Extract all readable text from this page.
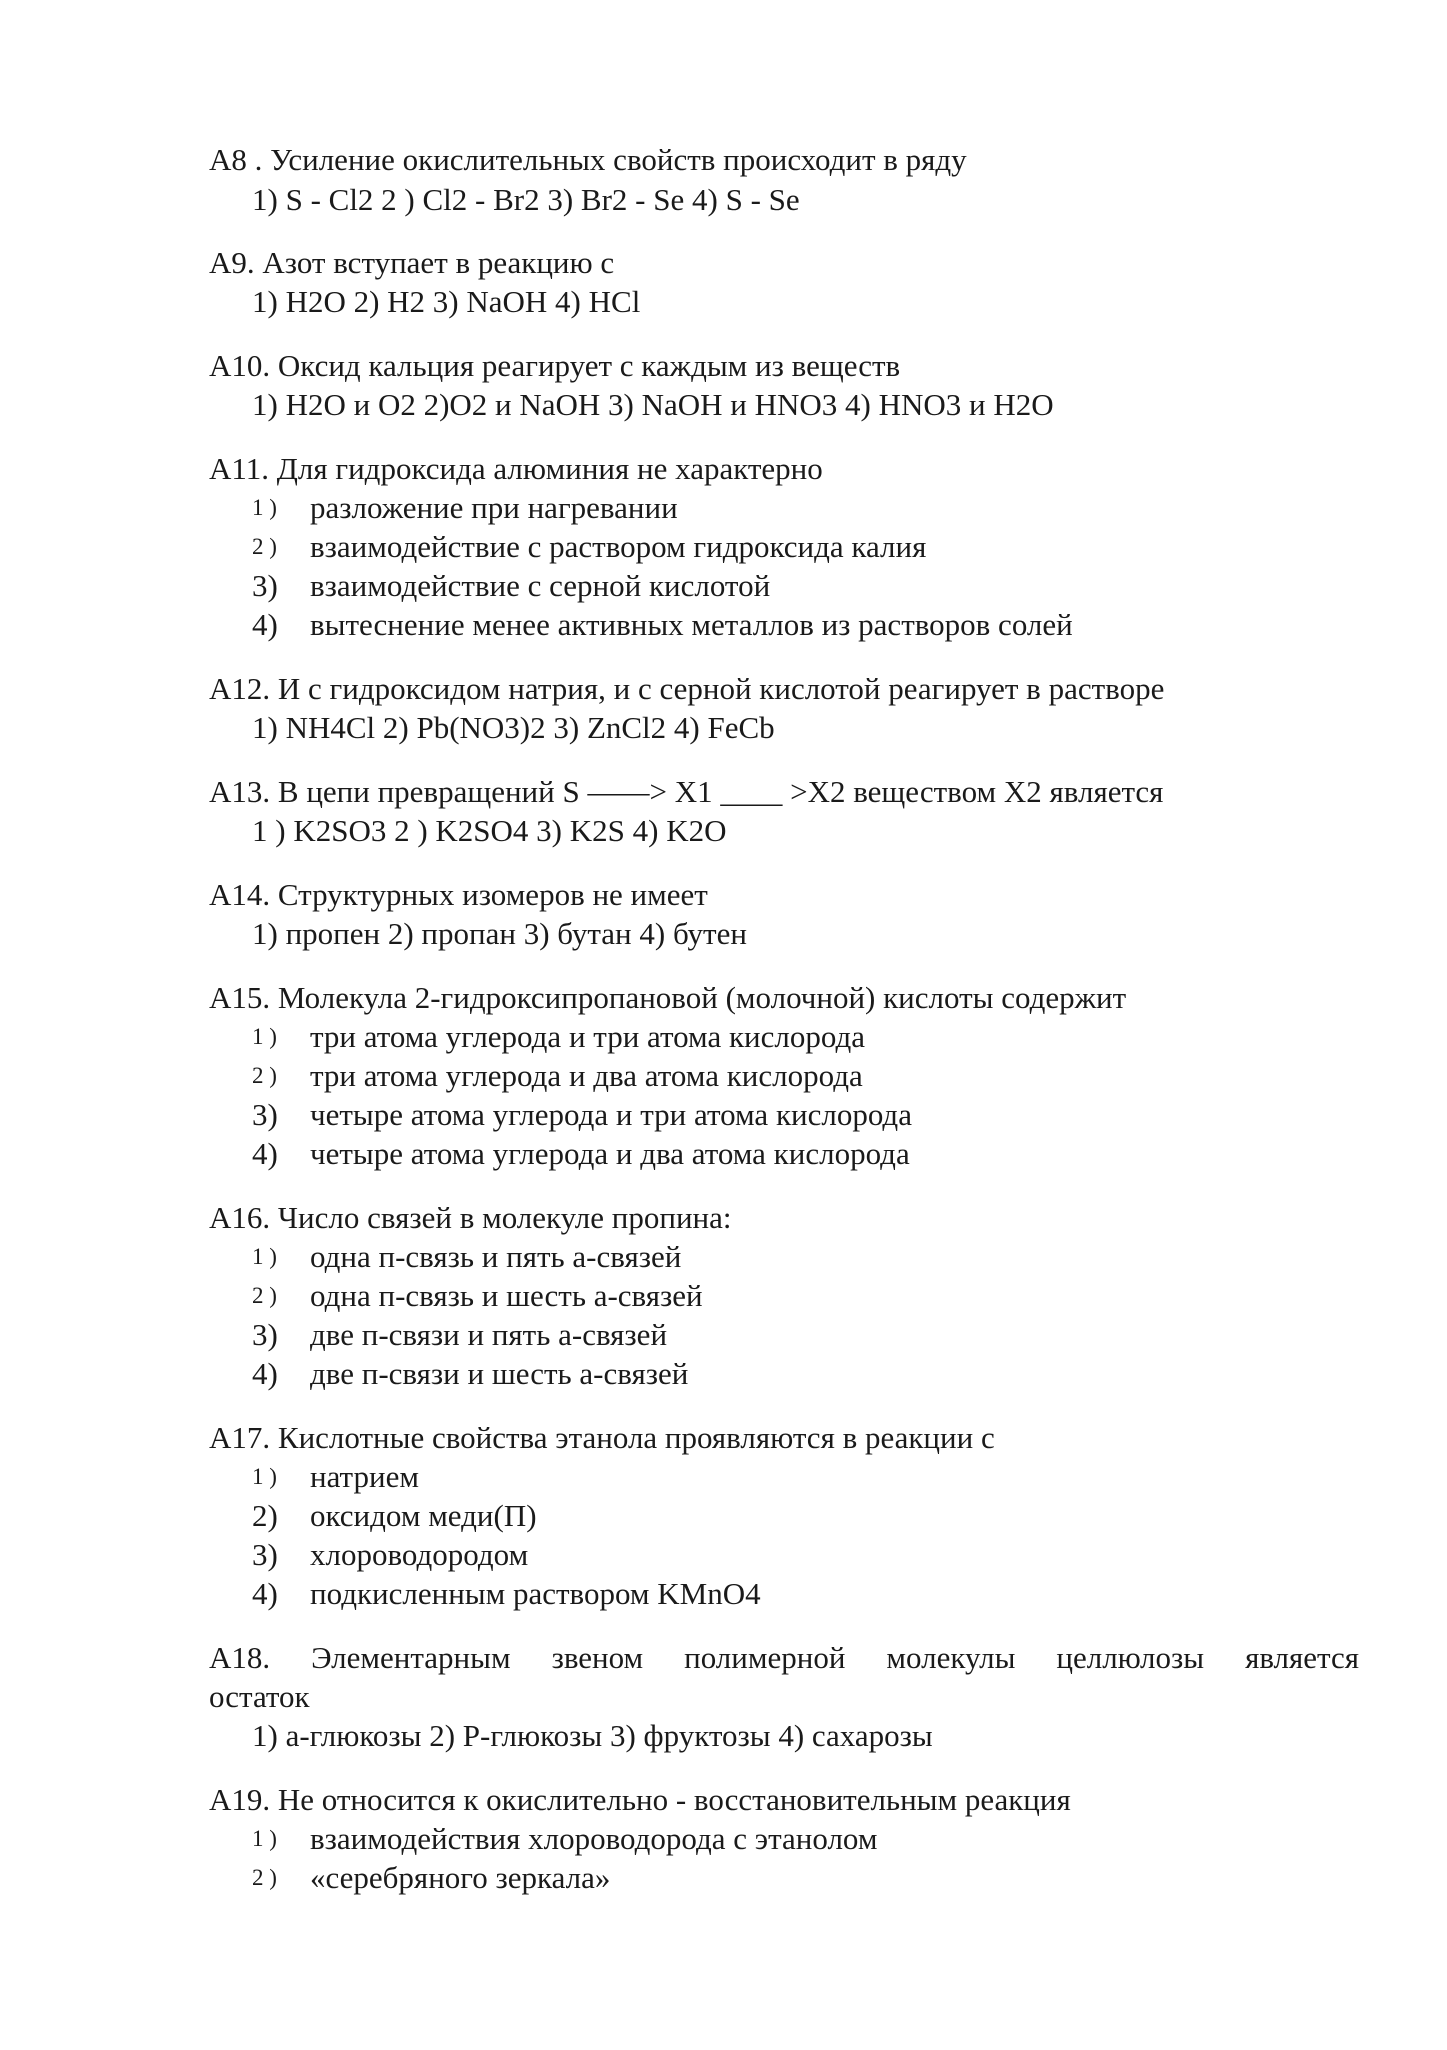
А8 . Усиление окислительных свойств происходит в ряду
1) S - Cl2 2 ) Cl2 - Br2 3) Br2 - Se 4) S - Se
А9. Азот вступает в реакцию с
1) H2O 2) H2 3) NaOH 4) HCl
А10. Оксид кальция реагирует с каждым из веществ
1) H2O и O2 2)O2 и NaOH 3) NaOH и HNO3 4) HNO3 и H2O
А11. Для гидроксида алюминия не характерно
1 )	разложение при нагревании
2 )	взаимодействие с раствором гидроксида калия
3)	взаимодействие с серной кислотой
4)	вытеснение менее активных металлов из растворов солей
А12. И с гидроксидом натрия, и с серной кислотой реагирует в растворе
1) NH4Cl 2) Pb(NO3)2 3) ZnCl2 4) FeCb
А13. В цепи превращений S ——> X1 ____ >X2 веществом X2 является
1 ) K2SO3 2 ) K2SO4 3) K2S 4) K2O
А14. Структурных изомеров не имеет
1) пропен 2) пропан 3) бутан 4) бутен
А15. Молекула 2-гидроксипропановой (молочной) кислоты содержит
1 )	три атома углерода и три атома кислорода
2 )	три атома углерода и два атома кислорода
3)	четыре атома углерода и три атома кислорода
4)	четыре атома углерода и два атома кислорода
А16. Число связей в молекуле пропина:
1 )	одна п-связь и пять а-связей
2 )	одна п-связь и шесть а-связей
3)	две п-связи и пять а-связей
4)	две п-связи и шесть а-связей
А17. Кислотные свойства этанола проявляются в реакции с
1 )	натрием
2)	оксидом меди(П)
3)	хлороводородом
4)	подкисленным раствором KMnO4
А18. Элементарным звеном полимерной молекулы целлюлозы является
остаток
1) а-глюкозы 2) Р-глюкозы 3) фруктозы 4) сахарозы
А19. Не относится к окислительно - восстановительным реакция
1 )	взаимодействия хлороводорода с этанолом
2 )	«серебряного зеркала»
